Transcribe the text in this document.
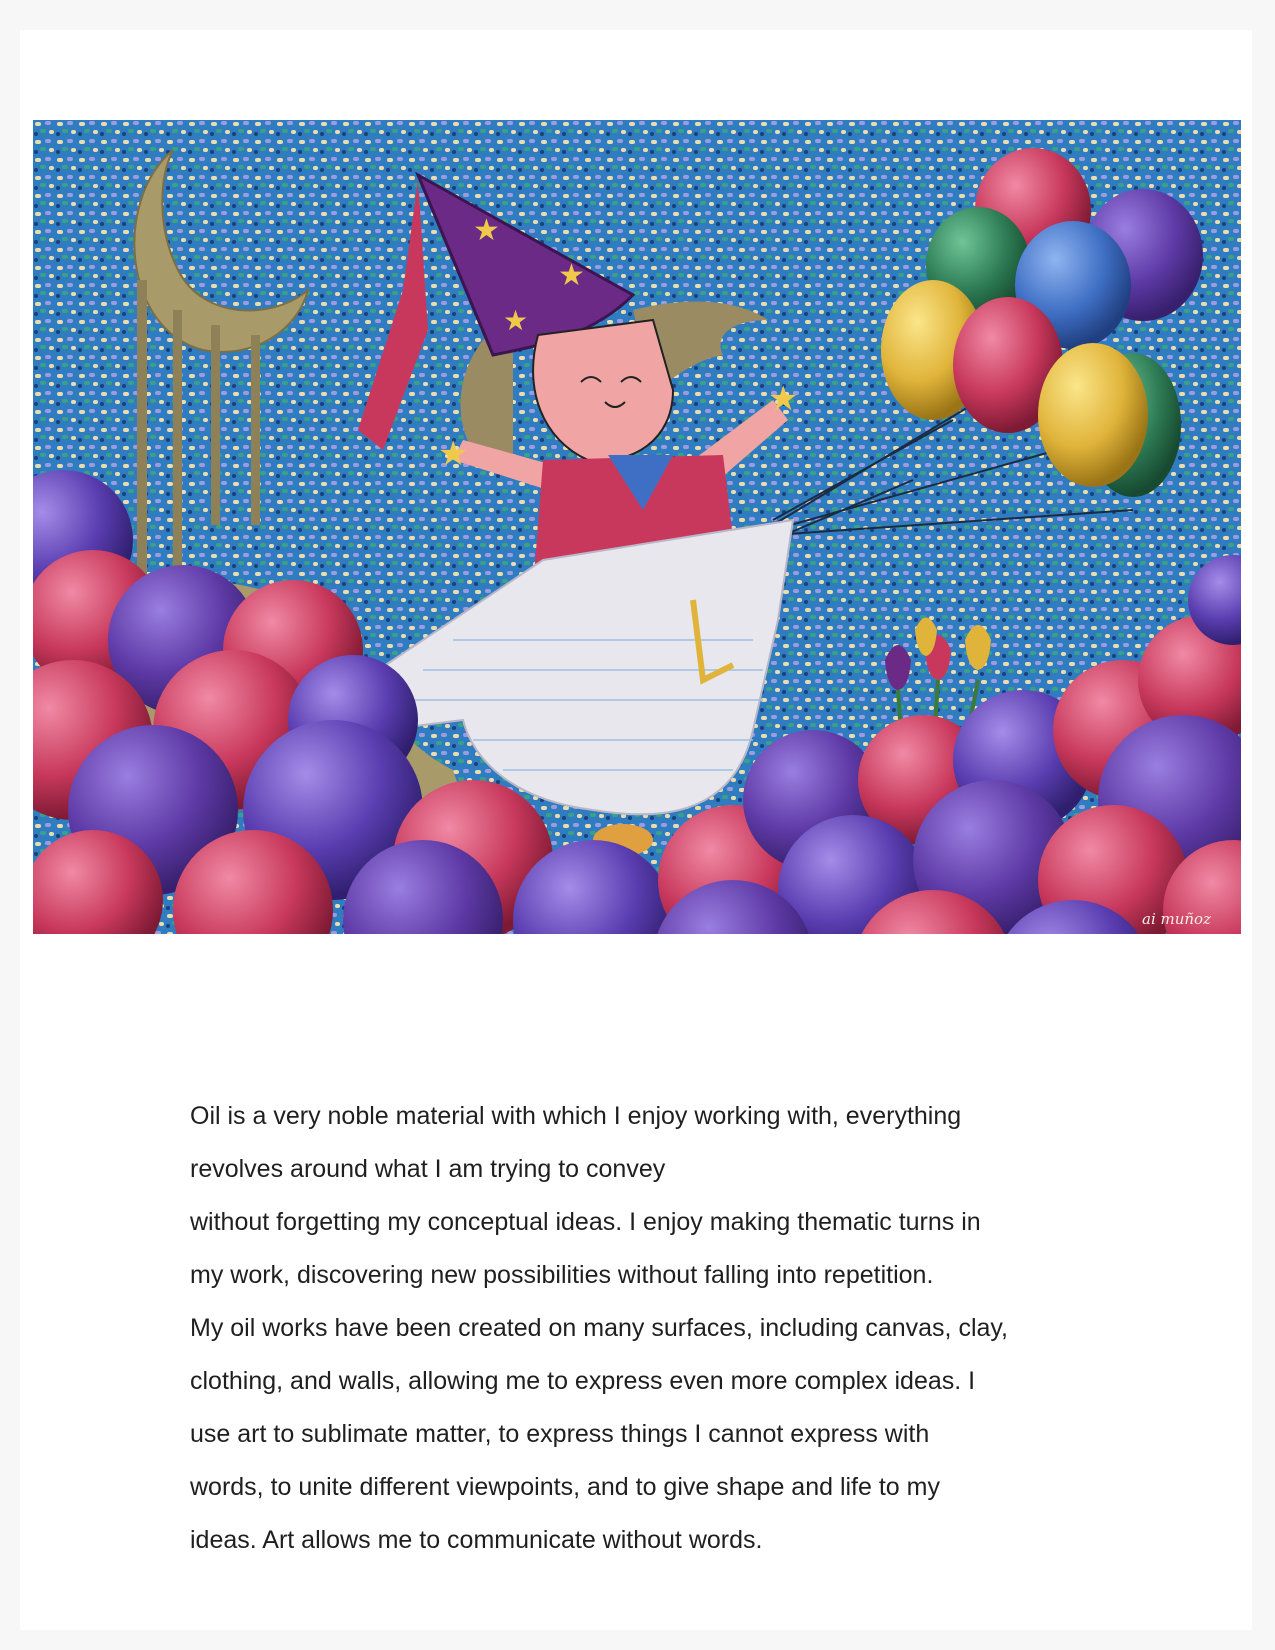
★
★
★
★
★
ai muñoz
Oil is a very noble material with which I enjoy working with, everything
revolves around what I am trying to convey
without forgetting my conceptual ideas. I enjoy making thematic turns in
my work, discovering new possibilities without falling into repetition.
My oil works have been created on many surfaces, including canvas, clay,
clothing, and walls, allowing me to express even more complex ideas. I
use art to sublimate matter, to express things I cannot express with
words, to unite different viewpoints, and to give shape and life to my
ideas. Art allows me to communicate without words.
